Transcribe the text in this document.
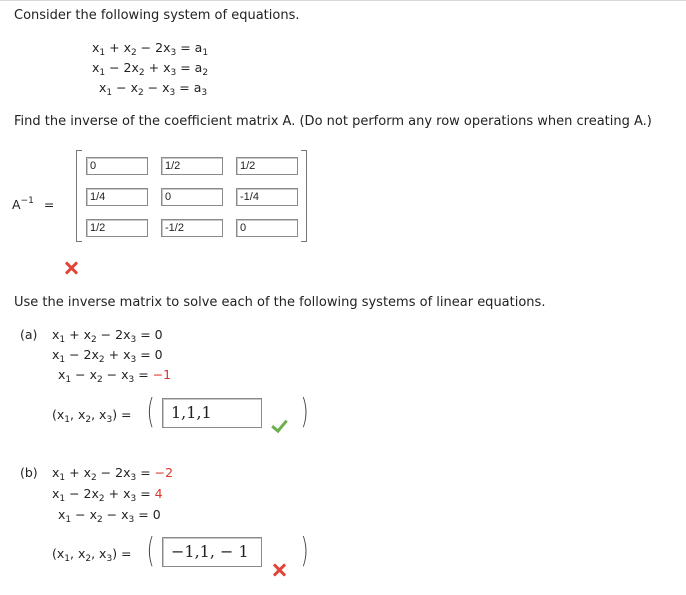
Consider the following system of equations.
$x_1 + x_2 - 2x_3 = a_1$
$x_1 - 2x_2 + x_3 = a_2$
$x_1 - x_2 - x_3 = a_3$
Find the inverse of the coefficient matrix A. (Do not perform any row operations when creating A.)
$A^{-1}$ =
0	1/2	1/2
1/4	0	-1/4
1/2	-1/2	0
Use the inverse matrix to solve each of the following systems of linear equations.
(a) $x_1 + x_2 - 2x_3 = 0$
$x_1 - 2x_2 + x_3 = 0$
$x_1 - x_2 - x_3 = -1$
($x_1$, $x_2$, $x_3$) = (	1,1,1	)
(b) $x_1 + x_2 - 2x_3 = -2$
$x_1 - 2x_2 + x_3 = 4$
$x_1 - x_2 - x_3 = 0$
($x_1$, $x_2$, $x_3$) = (	−1,1, − 1	)
